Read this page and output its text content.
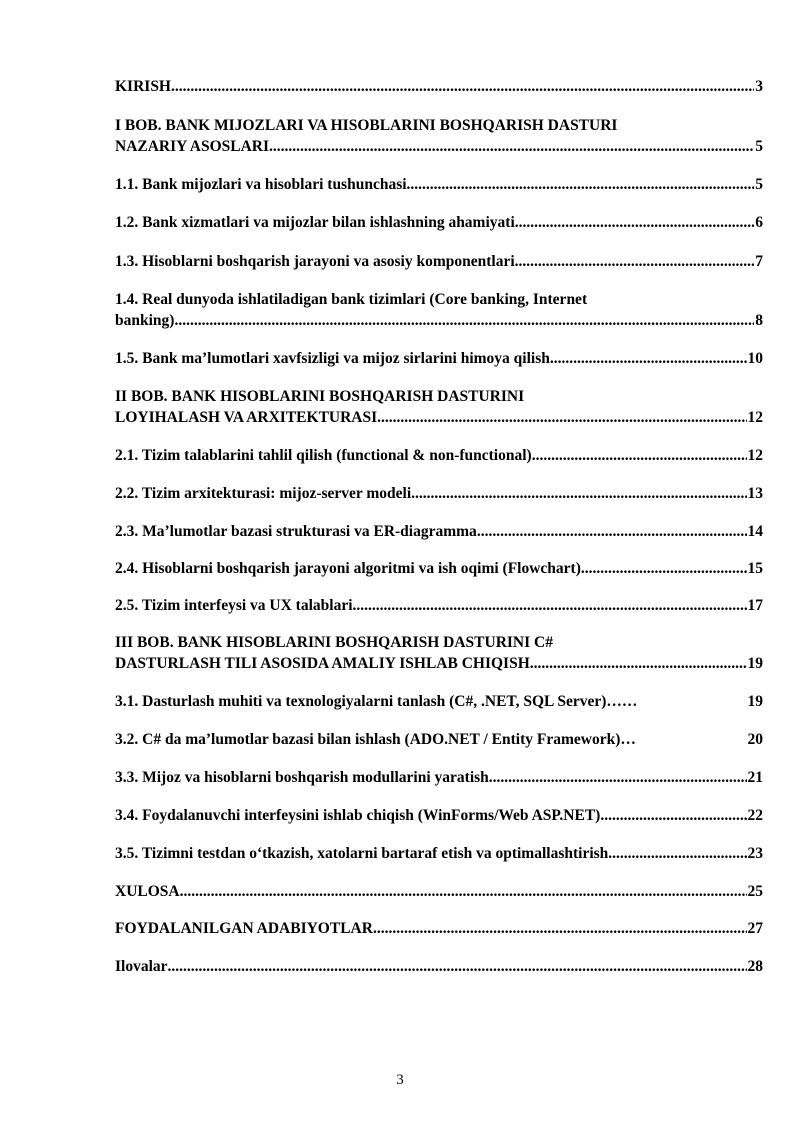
KIRISH .....	3
I BOB. BANK MIJOZLARI VA HISOBLARINI BOSHQARISH DASTURI
NAZARIY ASOSLARI .....	5
1.1. Bank mijozlari va hisoblari tushunchasi .....	5
1.2. Bank xizmatlari va mijozlar bilan ishlashning ahamiyati .....	6
1.3. Hisoblarni boshqarish jarayoni va asosiy komponentlari .....	7
1.4. Real dunyoda ishlatiladigan bank tizimlari (Core banking, Internet
banking) .....	8
1.5. Bank ma’lumotlari xavfsizligi va mijoz sirlarini himoya qilish .....	10
II BOB. BANK HISOBLARINI BOSHQARISH DASTURINI
LOYIHALASH VA ARXITEKTURASI .....	12
2.1. Tizim talablarini tahlil qilish (functional & non-functional) .....	12
2.2. Tizim arxitekturasi: mijoz-server modeli .....	13
2.3. Ma’lumotlar bazasi strukturasi va ER-diagramma .....	14
2.4. Hisoblarni boshqarish jarayoni algoritmi va ish oqimi (Flowchart) .....	15
2.5. Tizim interfeysi va UX talablari .....	17
III BOB. BANK HISOBLARINI BOSHQARISH DASTURINI C#
DASTURLASH TILI ASOSIDA AMALIY ISHLAB CHIQISH .....	19
3.1. Dasturlash muhiti va texnologiyalarni tanlash (C#, .NET, SQL Server)……	19
3.2. C# da ma’lumotlar bazasi bilan ishlash (ADO.NET / Entity Framework)…	20
3.3. Mijoz va hisoblarni boshqarish modullarini yaratish .....	21
3.4. Foydalanuvchi interfeysini ishlab chiqish (WinForms/Web ASP.NET) .....	22
3.5. Tizimni testdan o‘tkazish, xatolarni bartaraf etish va optimallashtirish .....	23
XULOSA .....	25
FOYDALANILGAN ADABIYOTLAR .....	27
Ilovalar .....	28
3
